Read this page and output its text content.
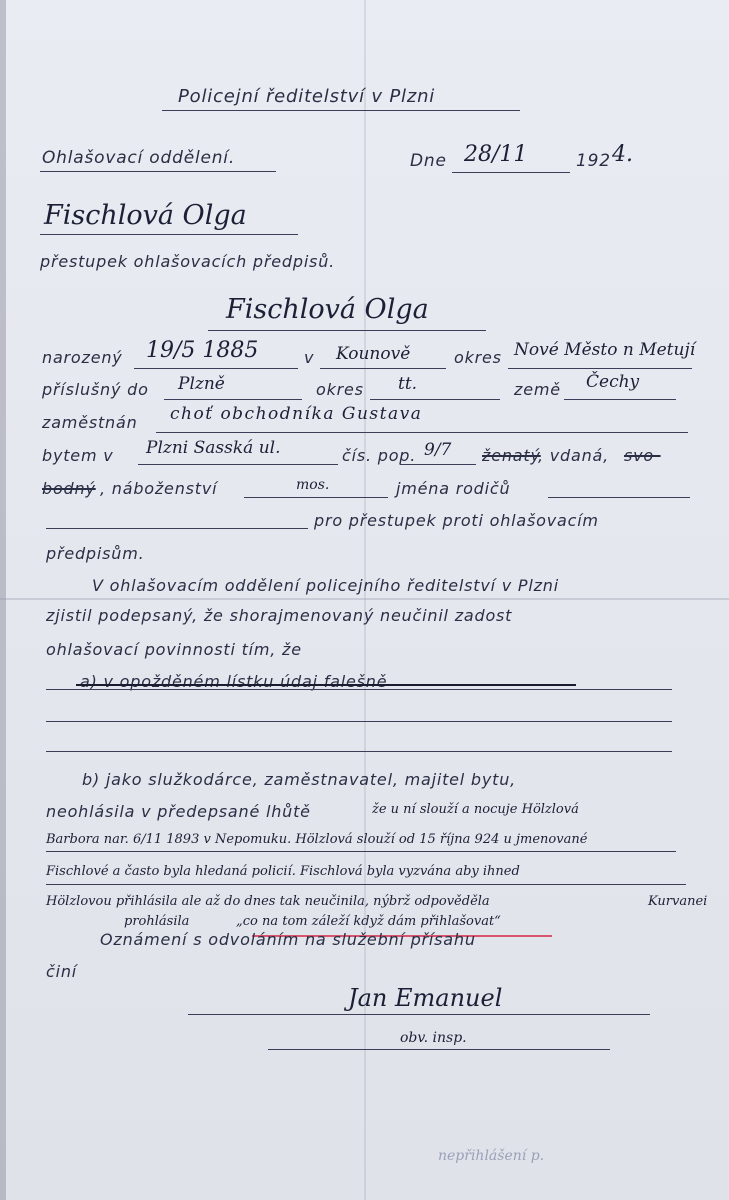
Policejní ředitelství v Plzni
Ohlašovací oddělení.	Dne 28/11	192 4.
Fischlová Olga
přestupek ohlašovacích předpisů.
Fischlová Olga
narozený 19/5 1885	v Kounově	okres Nové Město n Metují
příslušný do Plzně	okres tt.	země Čechy
zaměstnán choť obchodníka Gustava
bytem v Plzni Sasská ul.	čís. pop. 9/7 ženatý
, vdaná, svo-
bodný , náboženství	mos.	jména rodičů
pro přestupek proti ohlašovacím
předpisům.
V ohlašovacím oddělení policejního ředitelství v Plzni
zjistil podepsaný, že shorajmenovaný neučinil zadost
ohlašovací povinnosti tím, že
a) v opožděném lístku údaj falešně
b) jako služkodárce, zaměstnavatel, majitel bytu,
neohlásila v předepsané lhůtě	že u ní slouží a nocuje Hölzlová
Barbora nar. 6/11 1893 v Nepomuku. Hölzlová slouží od 15 října 924 u jmenované
Fischlové a často byla hledaná policií. Fischlová byla vyzvána aby ihned
Hölzlovou přihlásila ale až do dnes tak neučinila, nýbrž odpověděla	Kurvanei
prohlásila	„co na tom záleží když dám přihlašovat“
Oznámení s odvoláním na služební přísahu
činí
Jan Emanuel
obv. insp.
nepřihlášení p.
